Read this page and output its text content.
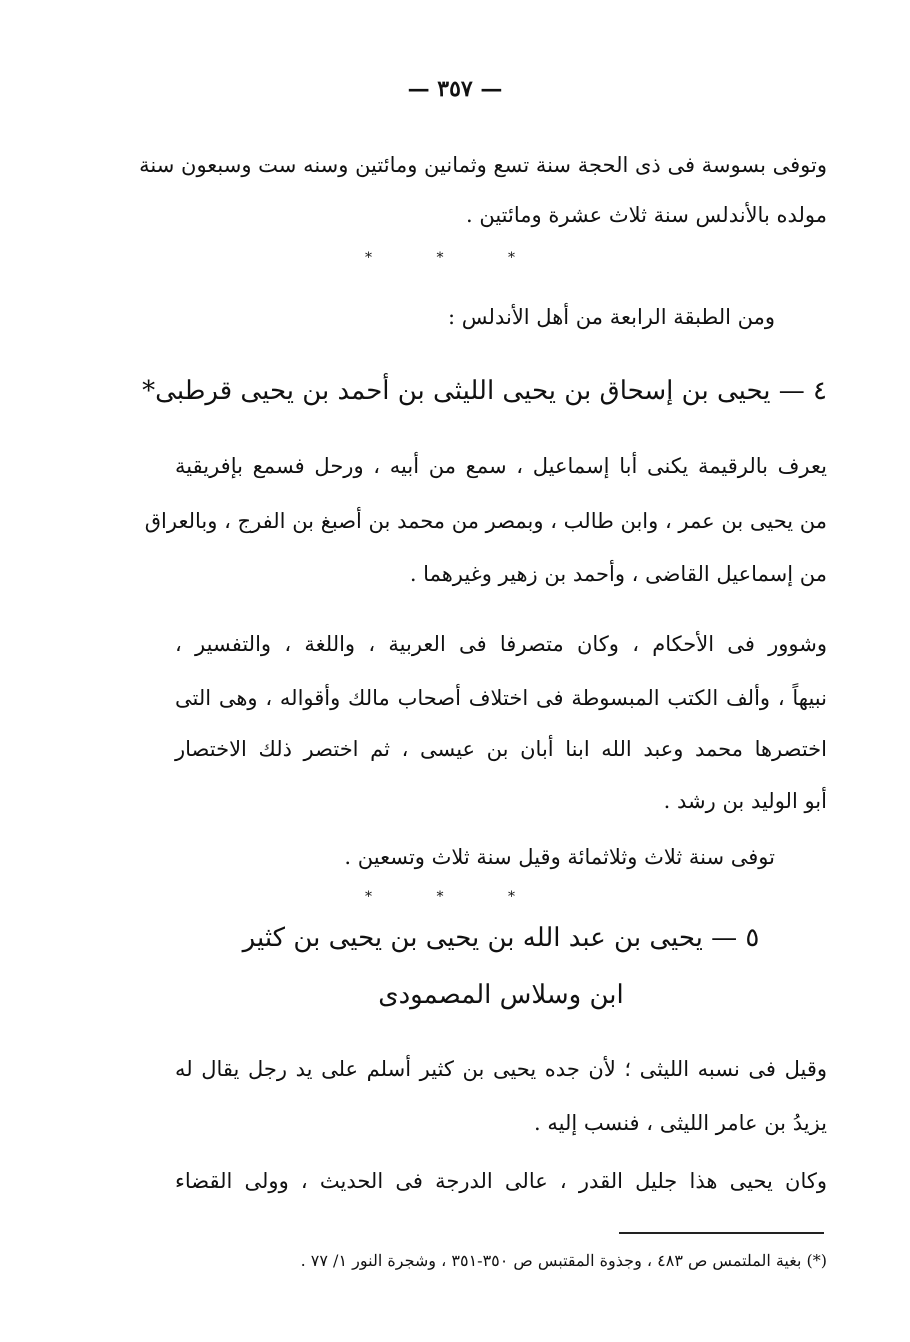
— ٣٥٧ —
وتوفى بسوسة فى ذى الحجة سنة تسع وثمانين ومائتين وسنه ست وسبعون سنة
مولده بالأندلس سنة ثلاث عشرة ومائتين .
* * *
ومن الطبقة الرابعة من أهل الأندلس :
٤ — يحيى بن إسحاق بن يحيى الليثى بن أحمد بن يحيى قرطبى*
يعرف بالرقيمة يكنى أبا إسماعيل ، سمع من أبيه ، ورحل فسمع بإفريقية
من يحيى بن عمر ، وابن طالب ، وبمصر من محمد بن أصبغ بن الفرج ، وبالعراق
من إسماعيل القاضى ، وأحمد بن زهير وغيرهما .
وشوور فى الأحكام ، وكان متصرفا فى العربية ، واللغة ، والتفسير ،
نبيهاً ، وألف الكتب المبسوطة فى اختلاف أصحاب مالك وأقواله ، وهى التى
اختصرها محمد وعبد الله ابنا أبان بن عيسى ، ثم اختصر ذلك الاختصار
أبو الوليد بن رشد .
توفى سنة ثلاث وثلاثمائة وقيل سنة ثلاث وتسعين .
* * *
٥ — يحيى بن عبد الله بن يحيى بن يحيى بن كثير
ابن وسلاس المصمودى
وقيل فى نسبه الليثى ؛ لأن جده يحيى بن كثير أسلم على يد رجل يقال له
يزيدُ بن عامر الليثى ، فنسب إليه .
وكان يحيى هذا جليل القدر ، عالى الدرجة فى الحديث ، وولى القضاء
(*) بغية الملتمس ص ٤٨٣ ، وجذوة المقتبس ص ٣٥٠-٣٥١ ، وشجرة النور ١/ ٧٧ .
